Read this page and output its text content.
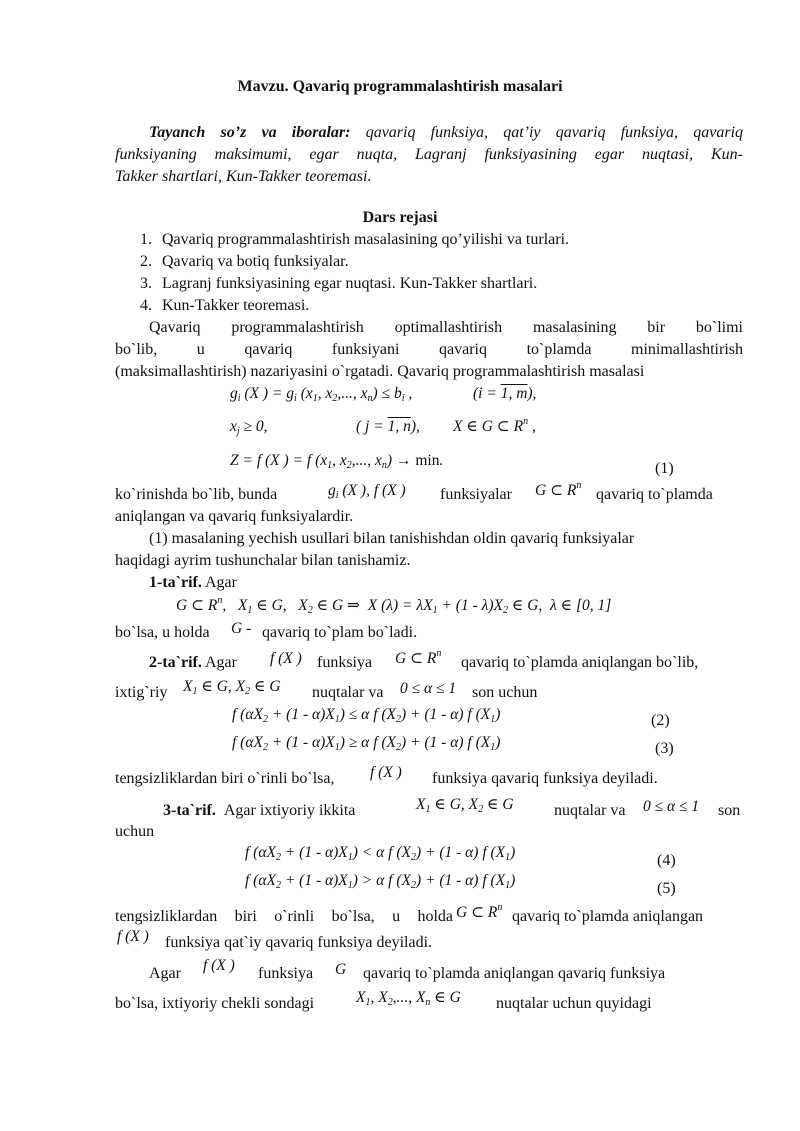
Mavzu. Qavariq programmalashtirish masalari
Tayanch so’z va iboralar: qavariq funksiya, qat’iy qavariq funksiya, qavariq
funksiyaning maksimumi, egar nuqta, Lagranj funksiyasining egar nuqtasi, Kun-
Takker shartlari, Kun-Takker teoremasi.
Dars rejasi
1. Qavariq programmalashtirish masalasining qo’yilishi va turlari.
2. Qavariq va botiq funksiyalar.
3. Lagranj funksiyasining egar nuqtasi. Kun-Takker shartlari.
4. Kun-Takker teoremasi.
Qavariq programmalashtirish optimallashtirish masalasining bir bo`limi
bo`lib, u qavariq funksiyani qavariq to`plamda minimallashtirish
(maksimallashtirish) nazariyasini o`rgatadi. Qavariq programmalashtirish masalasi
$g_i$ (X ) = $g_i$ ($x_1$, $x_2$,..., $x_n) \le b_i$ ,	(i = 1, m),
$x_j \ge 0$,	( j = 1, n), X ∈ G ⊂ $R^n$ ,
Z = f (X ) = f ($x_1$, $x_2$,..., $x_n) \to \min$.	(1)
ko`rinishda bo`lib, bunda	$g_i$ (X ), f (X ) funksiyalar G ⊂ $R^n$
qavariq to`plamda
aniqlangan va qavariq funksiyalardir.
(1) masalaning yechish usullari bilan tanishishdan oldin qavariq funksiyalar
haqidagi ayrim tushunchalar bilan tanishamiz.
1-ta`rif. Agar
G ⊂ $R^n$,   $X_1$ ∈ G,   $X_2$ ∈ G ⇒  X $(\lambda) = \lambda X_1 + (1 - \lambda)X_2$ ∈ G,  λ ∈ [0, 1]
bo`lsa, u holda G - qavariq to`plam bo`ladi.
2-ta`rif. Agar f (X ) funksiya G ⊂ $R^n$
qavariq to`plamda aniqlangan bo`lib,
ixtig`riy $X_1$ ∈ G, $X_2$ ∈ G nuqtalar va 0 ≤ α ≤ 1 son uchun
f $(\alpha X_2 + (1 - \alpha)X_1) \le \alpha$ f $(X_2) + (1 - \alpha)$ f $(X_1)$	(2)
f $(\alpha X_2 + (1 - \alpha)X_1) \ge \alpha$ f $(X_2) + (1 - \alpha)$ f $(X_1)$	(3)
tengsizliklardan biri o`rinli bo`lsa, f (X ) funksiya qavariq funksiya deyiladi.
3-ta`rif. Agar ixtiyoriy ikkita	$X_1$ ∈ G, $X_2$ ∈ G	nuqtalar va 0 ≤ α ≤ 1 son
uchun
f $(\alpha X_2 + (1 - \alpha)X_1) < \alpha$ f $(X_2) + (1 - \alpha)$ f $(X_1)$	(4)
f $(\alpha X_2 + (1 - \alpha)X_1) > \alpha$ f $(X_2) + (1 - \alpha)$ f $(X_1)$	(5)
tengsizliklardan biri o`rinli bo`lsa, u holda G ⊂ $R^n$
qavariq to`plamda aniqlangan
f (X ) funksiya qat`iy qavariq funksiya deyiladi.
Agar f (X ) funksiya G qavariq to`plamda aniqlangan qavariq funksiya
bo`lsa, ixtiyoriy chekli sondagi	$X_1$, $X_2$,..., $X_n$ ∈ G nuqtalar uchun quyidagi
